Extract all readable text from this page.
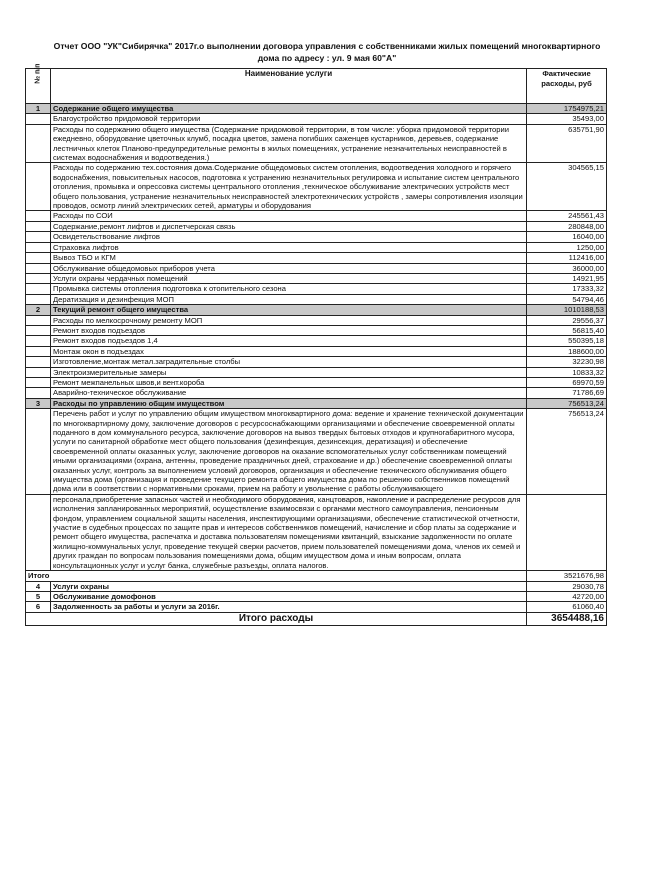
Отчет ООО "УК"Сибирячка" 2017г.о выполнении договора управления с собственниками жилых помещений многоквартирного
дома по адресу : ул. 9 мая 60"А"
№ п/п	Наименование услуги	Фактические
расходы, руб

1	Содержание общего имущества	1754975,21
	Благоустройство придомовой территории	35493,00
	Расходы по содержанию общего имущества (Содержание придомовой территории, в том числе: уборка придомовой территории ежедневно, оборудование цветочных клумб, посадка цветов, замена погибших саженцев кустарников, деревьев, содержание лестничных клеток Планово-предупредительные ремонты в жилых помещениях, устранение незначительных неисправностей в системах водоснабжения и водоотведения.)	635751,90
	Расходы по содержанию тех.состояния дома.Содержание общедомовых систем отопления, водоотведения холодного и горячего водоснабжения, повысительных насосов, подготовка к устранению незначительных регулировка и испытание систем центрального отопления, промывка и опрессовка системы центрального отопления ,техническое обслуживание электрических устройств мест общего пользования, устранение незначительных неисправностей электротехнических устройств , замеры сопротивления изоляции проводов, осмотр линий электрических сетей, арматуры и оборудования	304565,15
	Расходы по СОИ	245561,43
	Содержание,ремонт лифтов и диспетчерская связь	280848,00
	Освидетельствование лифтов	16040,00
	Страховка лифтов	1250,00
	Вывоз ТБО и КГМ	112416,00
	Обслуживание общедомовых приборов учета	36000,00
	Услуги охраны чердачных помещений	14921,95
	Промывка системы отопления подготовка к отопительного сезона	17333,32
	Дератизация и дезинфекция МОП	54794,46
2	Текущий ремонт общего имущества	1010188,53
	Расходы по мелкосрочному ремонту МОП	29556,37
	Ремонт входов подъездов	56815,40
	Ремонт входов подъездов 1,4	550395,18
	Монтаж окон в подъездах	188600,00
	Изготовление,монтаж метал.заградительные столбы	32230,98
	Электроизмерительные замеры	10833,32
	Ремонт межпанельных швов,и вент.короба	69970,59
	Аварийно-техническое обслуживание	71786,69
3	Расходы по управлению общим имуществом	756513,24
	Перечень работ и услуг по управлению общим имуществом многоквартирного дома: ведение и хранение технической документации по многоквартирному дому, заключение договоров с ресурсоснабжающими организациями и обеспечение своевременной оплаты поданного в дом коммунального ресурса, заключение договоров на вывоз твердых бытовых отходов и крупногабаритного мусора, услуги по санитарной обработке мест общего пользования (дезинфекция, дезинсекция, дератизация) и обеспечение своевременной оплаты оказанных услуг, заключение договоров на оказание вспомогательных услуг собственникам помещений иными организациями (охрана, антенны, проведение праздничных дней, страхование и др.) обеспечение своевременной оплаты оказанных услуг, контроль за выполнением условий договоров, организация и обеспечение технического обслуживания общего имущества дома (организация и проведение текущего ремонта общего имущества дома по решению собственников помещений дома или в соответствии с нормативными сроками, прием на работу и увольнение с работы обслуживающего	756513,24
	персонала,приобретение запасных частей и необходимого оборудования, канцтоваров, накопление и распределение ресурсов для исполнения запланированных мероприятий, осуществление взаимосвязи с органами местного самоуправления, пенсионным фондом, управлением социальной защиты населения, инспектирующими организациями, обеспечение статистической отчетности, участие в судебных процессах по защите прав и интересов собственников помещений, начисление и сбор платы за содержание и ремонт общего имущества, распечатка и доставка пользователям помещениями квитанций, взыскание задолженности по оплате жилищно-коммунальных услуг, проведение текущей сверки расчетов, прием пользователей помещениями дома, членов их семей и других граждан по вопросам пользования помещениями дома, общим имуществом дома и иным вопросам, оплата консультационных услуг и услуг банка, служебные разъезды, оплата налогов.	
Итого		3521676,98
4	Услуги охраны	29030,78
5	Обслуживание домофонов	42720,00
6	Задолженность за работы и услуги за 2016г.	61060,40
Итого расходы		3654488,16
